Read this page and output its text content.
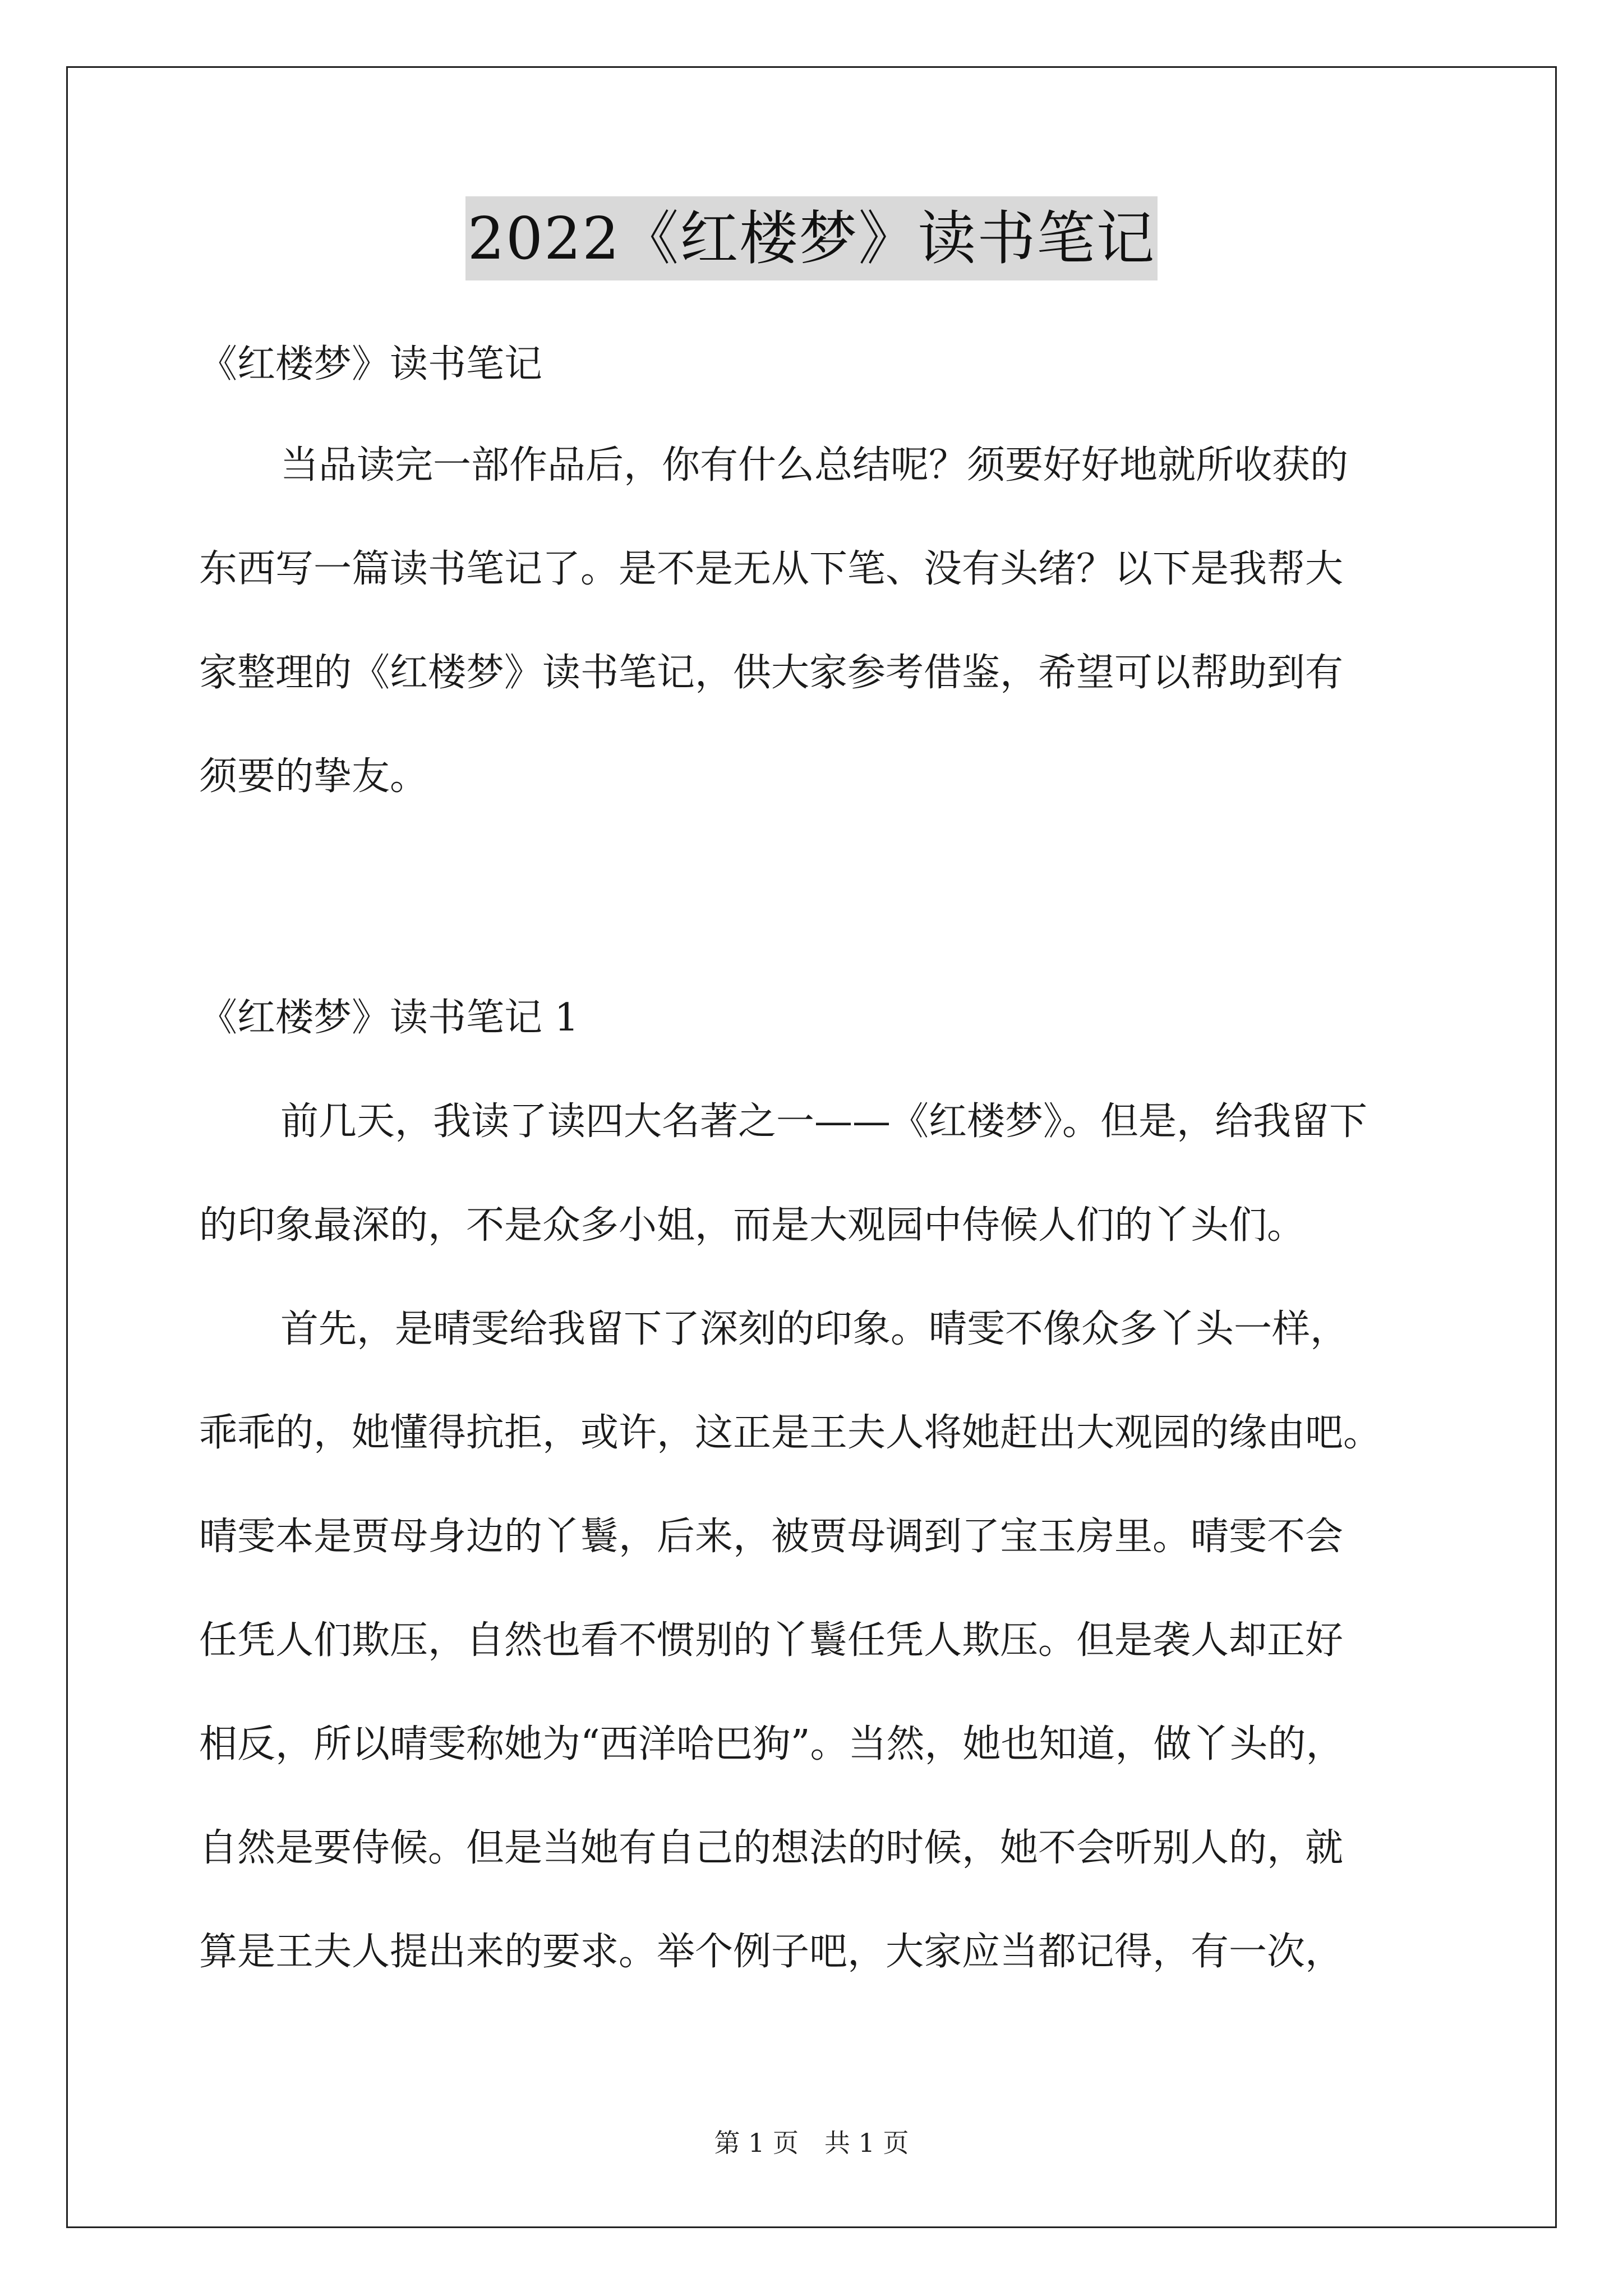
2022《红楼梦》读书笔记
《红楼梦》读书笔记
当品读完一部作品后，你有什么总结呢？须要好好地就所收获的
东西写一篇读书笔记了。是不是无从下笔、没有头绪？以下是我帮大
家整理的《红楼梦》读书笔记，供大家参考借鉴，希望可以帮助到有
须要的挚友。
《红楼梦》读书笔记 1
前几天，我读了读四大名著之一——《红楼梦》。但是，给我留下
的印象最深的，不是众多小姐，而是大观园中侍候人们的丫头们。
首先，是晴雯给我留下了深刻的印象。晴雯不像众多丫头一样，
乖乖的，她懂得抗拒，或许，这正是王夫人将她赶出大观园的缘由吧。
晴雯本是贾母身边的丫鬟，后来，被贾母调到了宝玉房里。晴雯不会
任凭人们欺压，自然也看不惯别的丫鬟任凭人欺压。但是袭人却正好
相反，所以晴雯称她为“西洋哈巴狗”。当然，她也知道，做丫头的，
自然是要侍候。但是当她有自己的想法的时候，她不会听别人的，就
算是王夫人提出来的要求。举个例子吧，大家应当都记得，有一次，
第 1 页　共 1 页
